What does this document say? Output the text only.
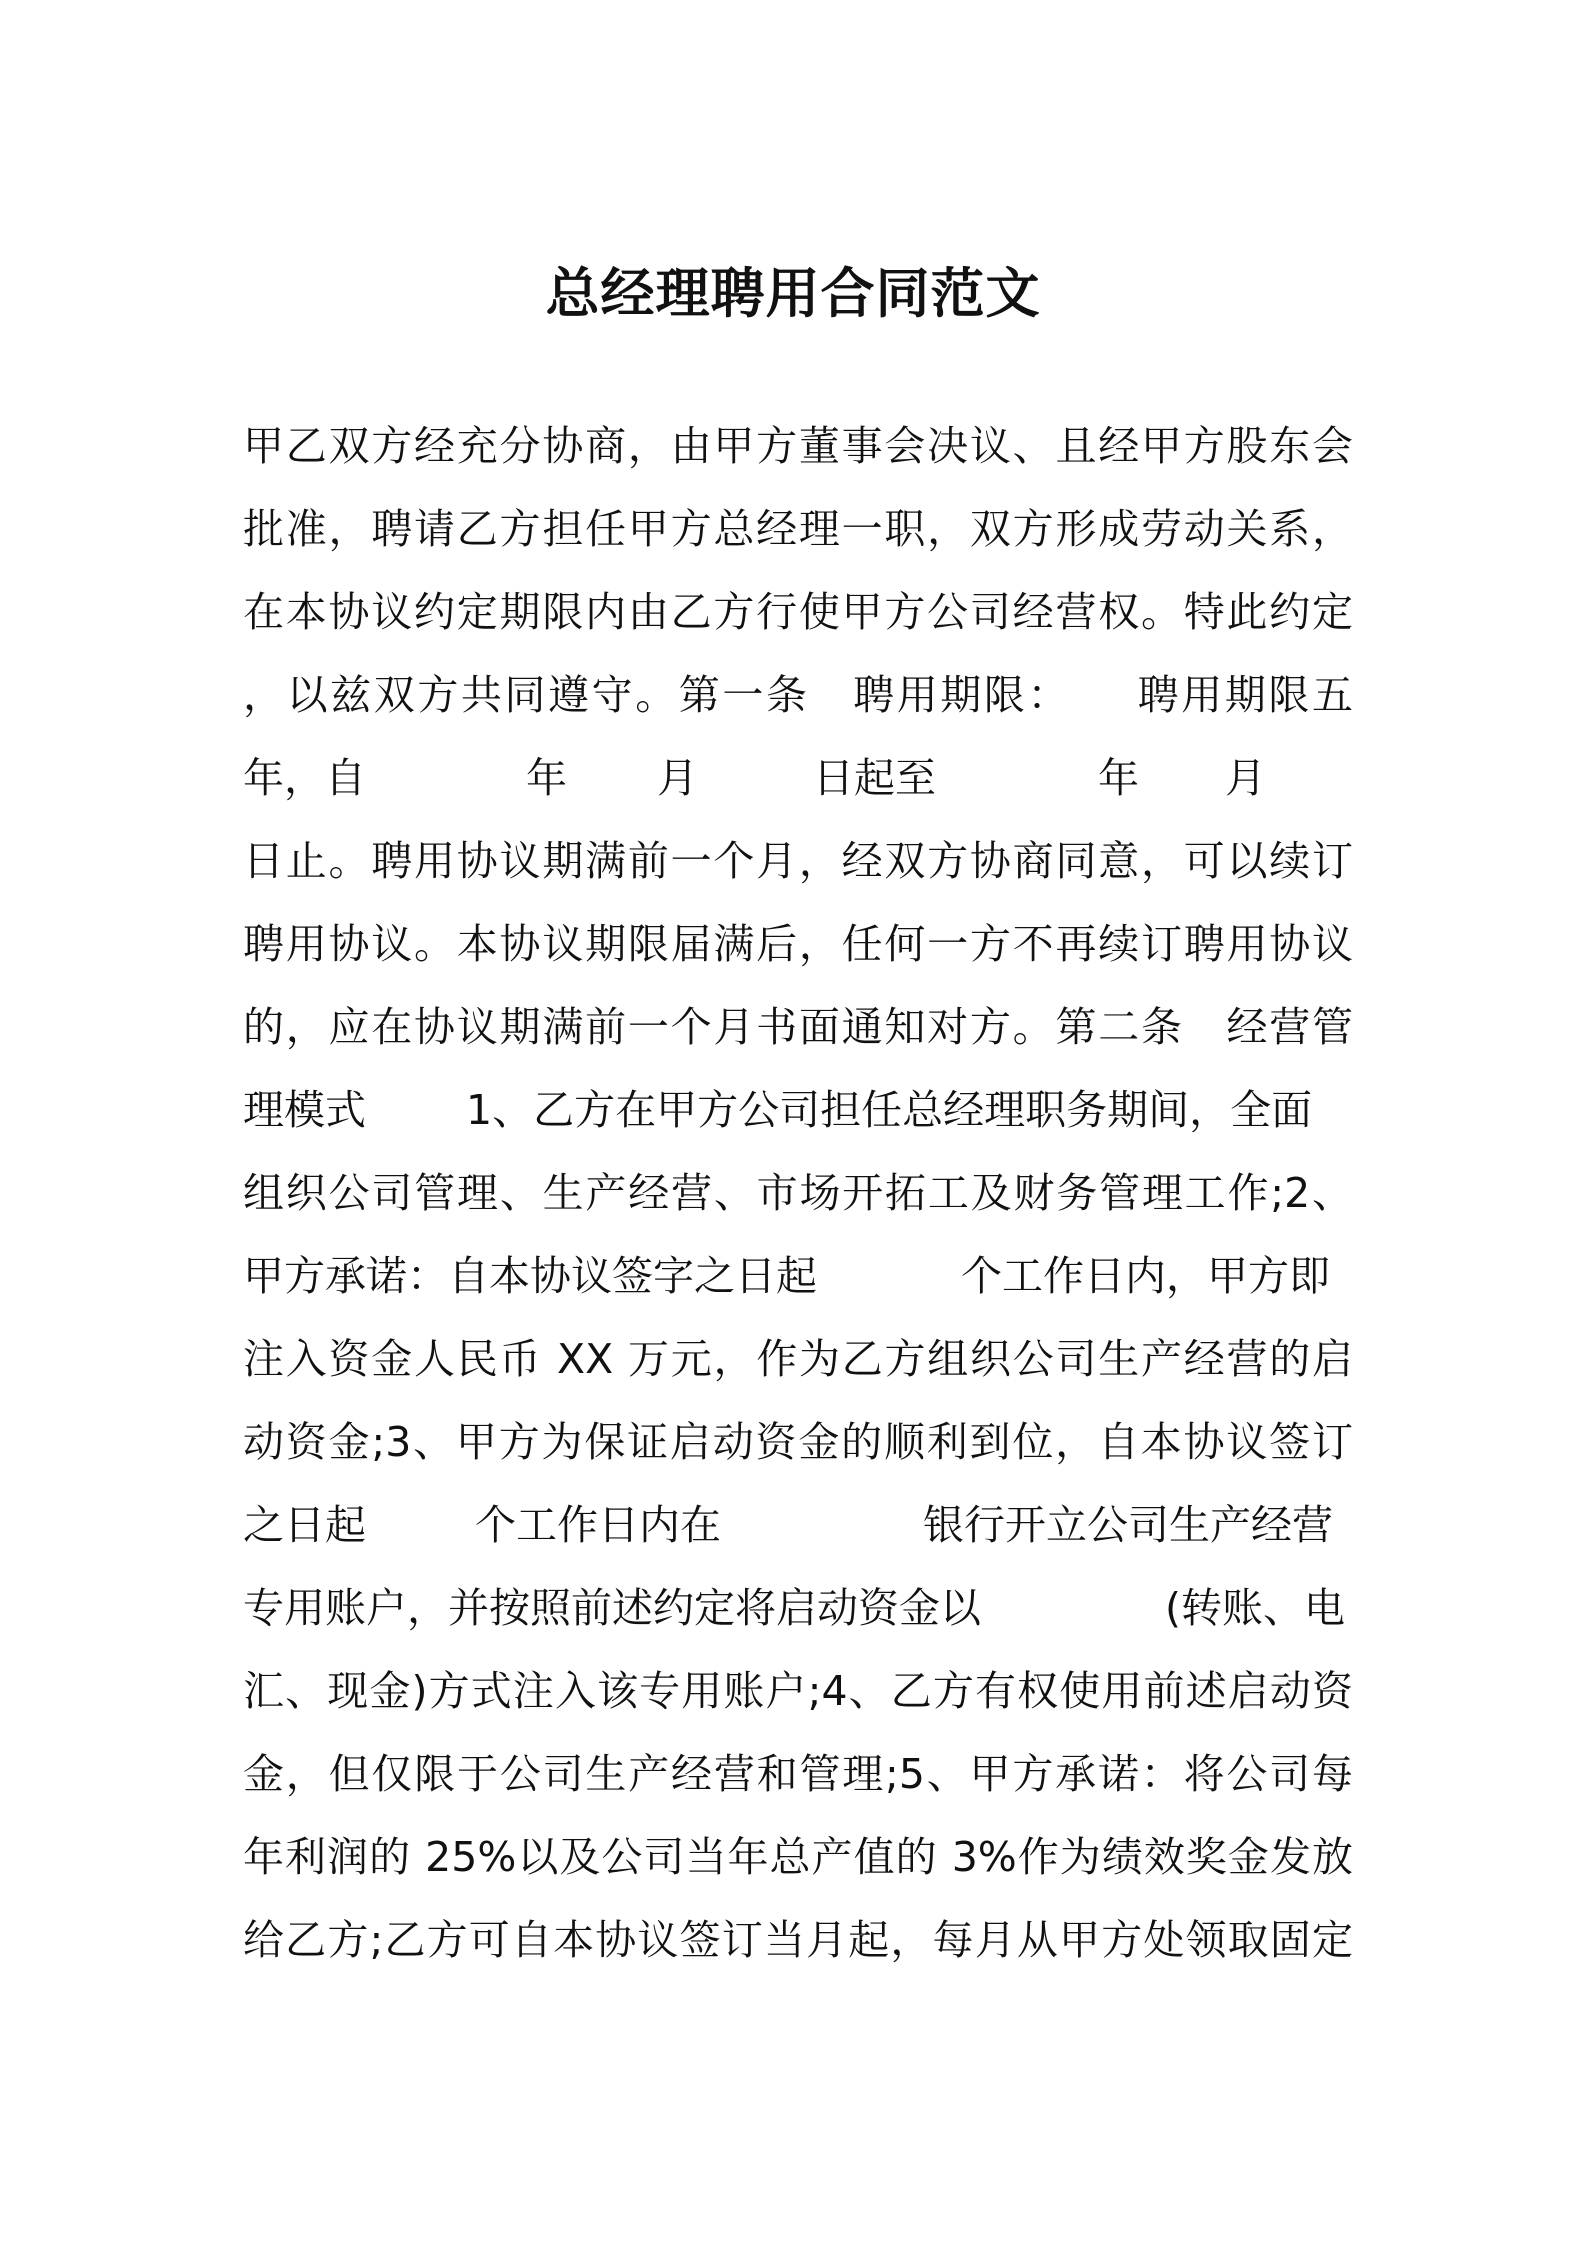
总经理聘用合同范文
甲乙双方经充分协商，由甲方董事会决议、且经甲方股东会
批准，聘请乙方担任甲方总经理一职，双方形成劳动关系，
在本协议约定期限内由乙方行使甲方公司经营权。特此约定
，以兹双方共同遵守。第一条　聘用期限：　　聘用期限五
年，自	年 月	日起至	年 月
日止。聘用协议期满前一个月，经双方协商同意，可以续订
聘用协议。本协议期限届满后，任何一方不再续订聘用协议
的，应在协议期满前一个月书面通知对方。第二条　经营管
理模式 1、乙方在甲方公司担任总经理职务期间，全面
组织公司管理、生产经营、市场开拓工及财务管理工作;2、
甲方承诺：自本协议签字之日起	个工作日内，甲方即
注入资金人民币 XX 万元，作为乙方组织公司生产经营的启
动资金;3、甲方为保证启动资金的顺利到位，自本协议签订
之日起	个工作日内在	银行开立公司生产经营
专用账户，并按照前述约定将启动资金以	(转账、电
汇、现金)方式注入该专用账户;4、乙方有权使用前述启动资
金，但仅限于公司生产经营和管理;5、甲方承诺：将公司每
年利润的 25%以及公司当年总产值的 3%作为绩效奖金发放
给乙方;乙方可自本协议签订当月起，每月从甲方处领取固定
